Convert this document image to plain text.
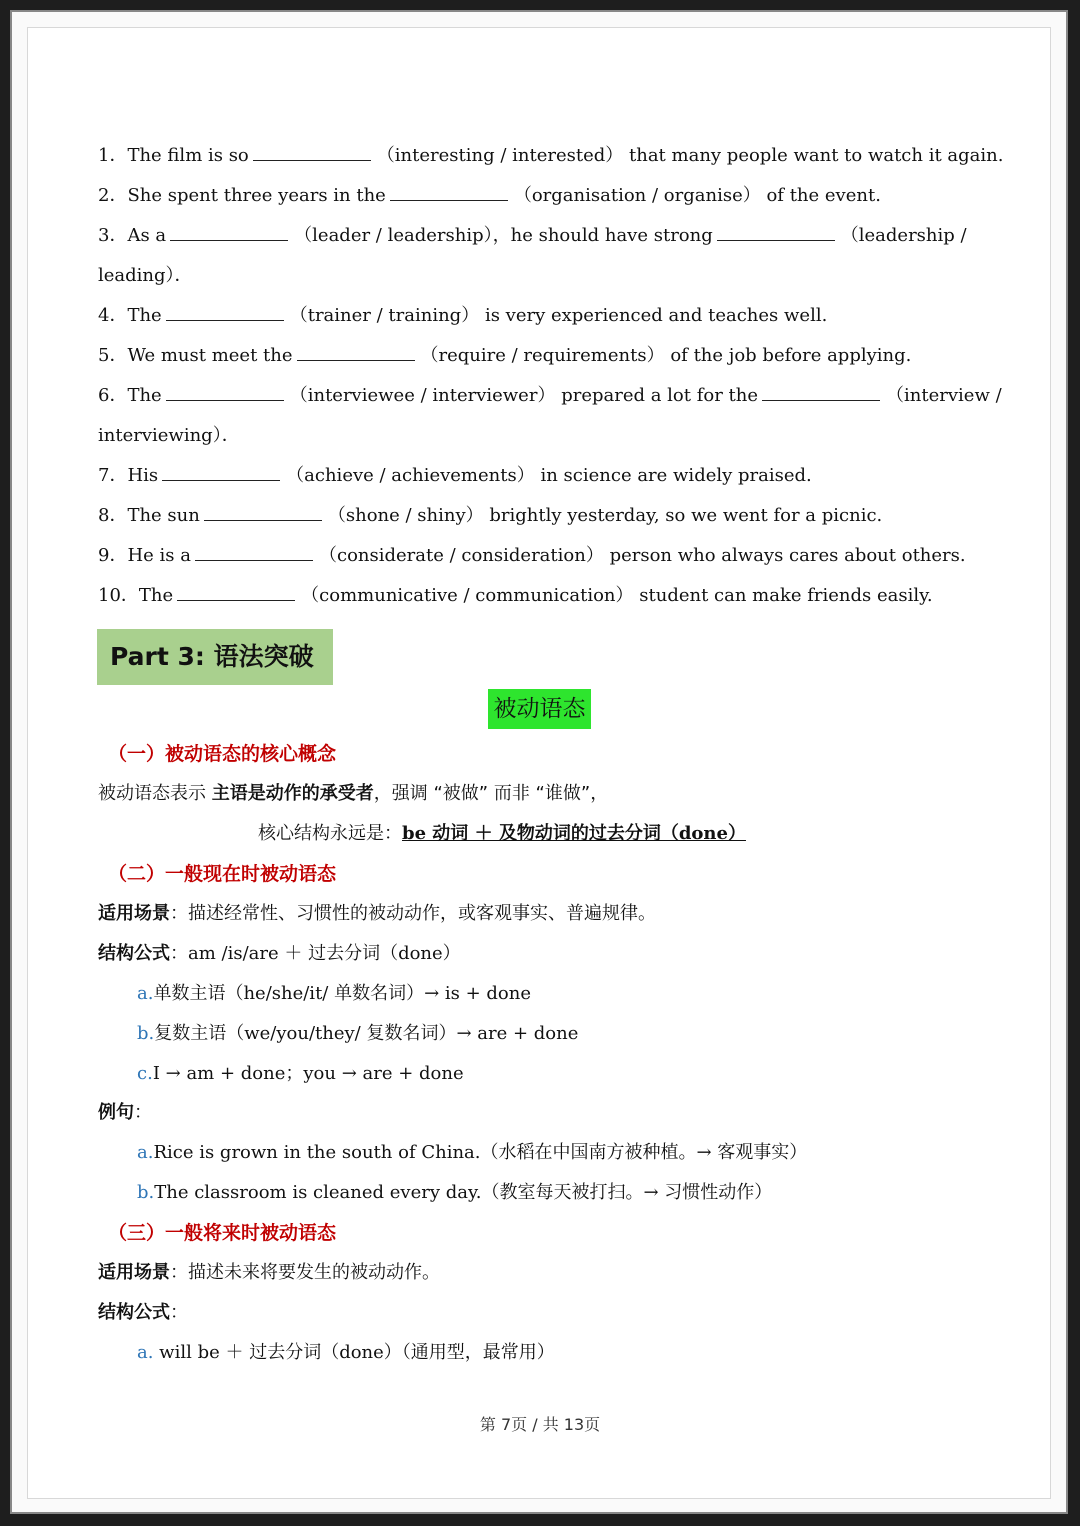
1．The film is so	（interesting / interested） that many people want to watch it again.
2．She spent three years in the	（organisation / organise） of the event.
3．As a	（leader / leadership），he should have strong	（leadership /
leading）．
4．The	（trainer / training） is very experienced and teaches well.
5．We must meet the	（require / requirements） of the job before applying.
6．The	（interviewee / interviewer） prepared a lot for the	（interview /
interviewing）．
7．His	（achieve / achievements） in science are widely praised.
8．The sun	（shone / shiny） brightly yesterday, so we went for a picnic.
9．He is a	（considerate / consideration） person who always cares about others.
10．The	（communicative / communication） student can make friends easily.
Part 3: 语法突破
被动语态
（一）被动语态的核心概念
被动语态表示 主语是动作的承受者，强调 “被做” 而非 “谁做”，
核心结构永远是：be 动词 ＋ 及物动词的过去分词（done）
（二）一般现在时被动语态
适用场景：描述经常性、习惯性的被动动作，或客观事实、普遍规律。
结构公式：am /is/are ＋ 过去分词（done）
a.单数主语（he/she/it/ 单数名词）→ is + done
b.复数主语（we/you/they/ 复数名词）→ are + done
c.I → am + done；you → are + done
例句：
a.Rice is grown in the south of China.（水稻在中国南方被种植。→ 客观事实）
b.The classroom is cleaned every day.（教室每天被打扫。→ 习惯性动作）
（三）一般将来时被动语态
适用场景：描述未来将要发生的被动动作。
结构公式：
a. will be ＋ 过去分词（done）（通用型，最常用）
第 7页 / 共 13页
